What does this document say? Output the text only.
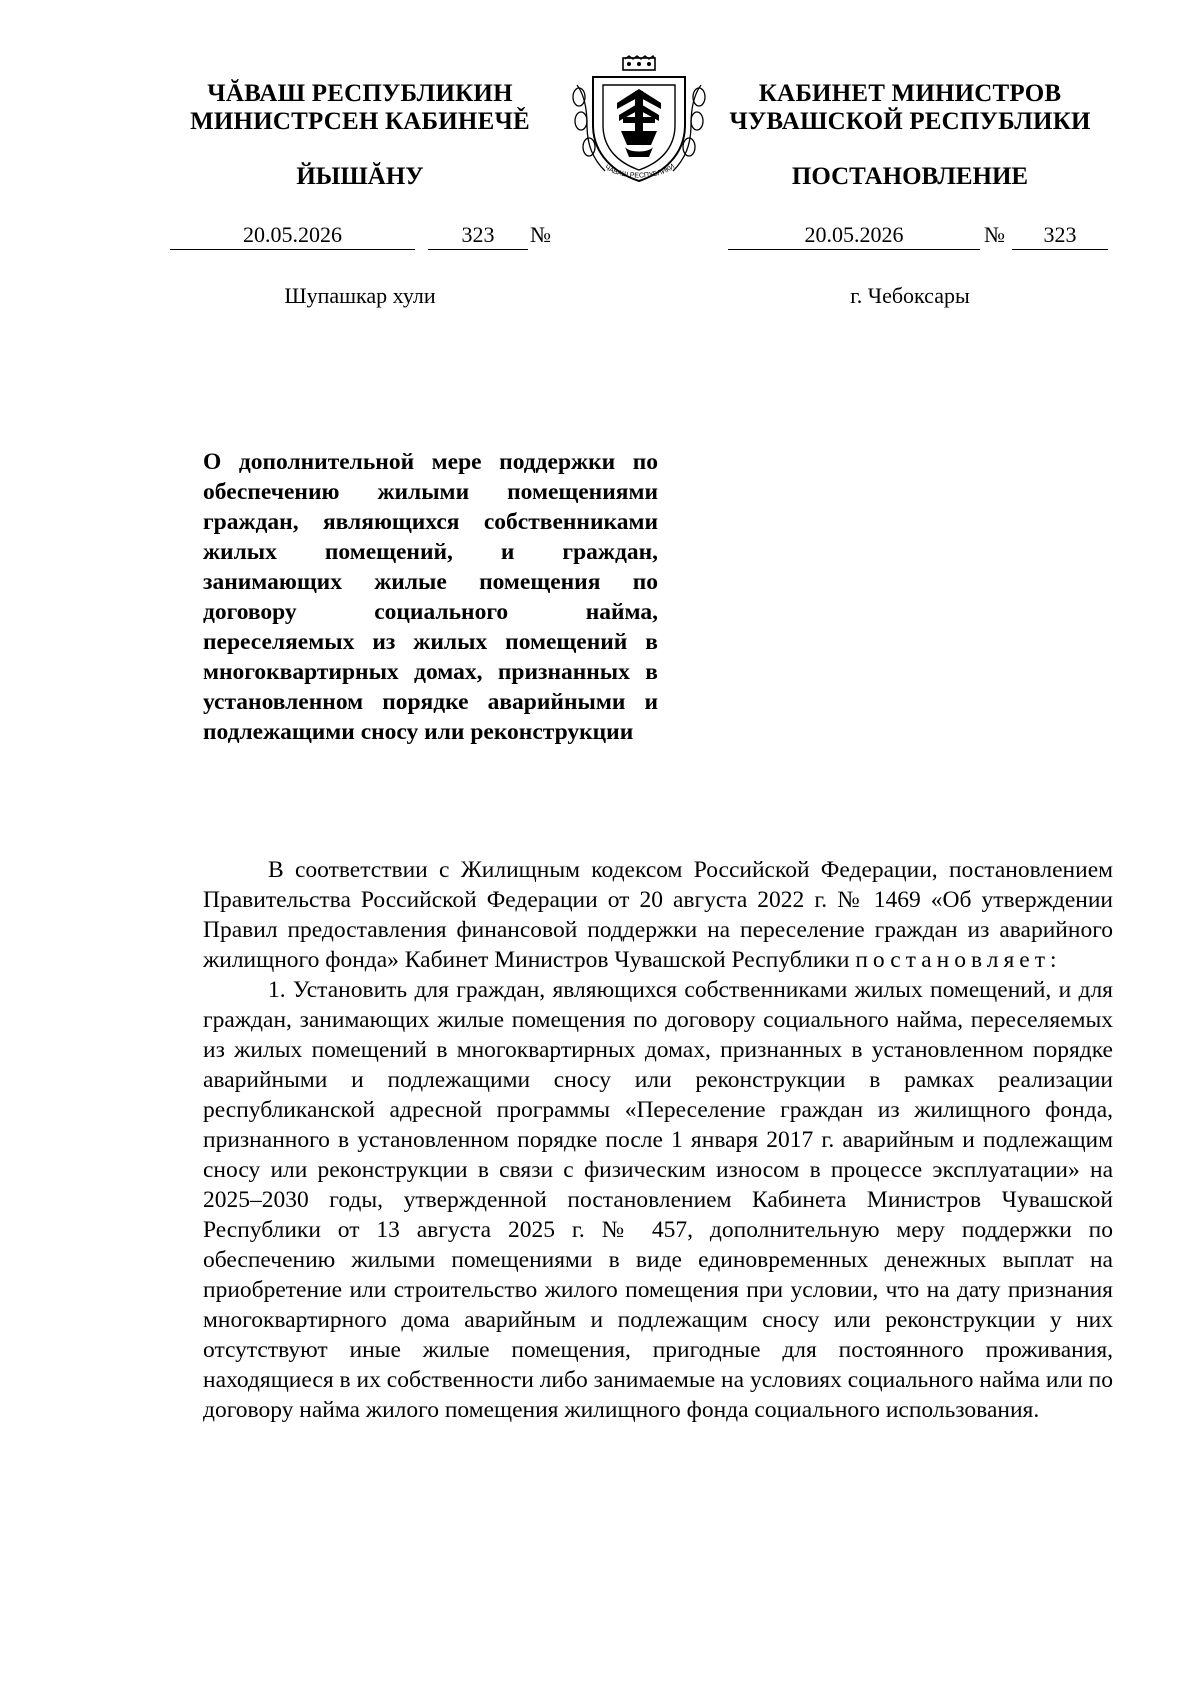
ЧĂВАШ РЕСПУБЛИКИН
МИНИСТРСЕН КАБИНЕЧĚ
ЙЫШĂНУ
20.05.2026	323	№
Шупашкар хули
ЧĂВАШ РЕСПУБЛИКИ
КАБИНЕТ МИНИСТРОВ
ЧУВАШСКОЙ РЕСПУБЛИКИ
ПОСТАНОВЛЕНИЕ
20.05.2026	№	323
г. Чебоксары
О дополнительной мере поддержки по обеспечению жилыми помещениями граждан, являющихся собственниками жилых помещений, и граждан, занимающих жилые помещения по договору социального найма, переселяемых из жилых помещений в многоквартирных домах, признанных в установленном порядке аварийными и подлежащими сносу или реконструкции

В соответствии с Жилищным кодексом Российской Федерации, постановлением Правительства Российской Федерации от 20 августа 2022 г. № 1469 «Об утверждении Правил предоставления финансовой поддержки на переселение граждан из аварийного жилищного фонда» Кабинет Министров Чувашской Республики постановляет:

1. Установить для граждан, являющихся собственниками жилых помещений, и для граждан, занимающих жилые помещения по договору социального найма, переселяемых из жилых помещений в многоквартирных домах, признанных в установленном порядке аварийными и подлежащими сносу или реконструкции в рамках реализации республиканской адресной программы «Переселение граждан из жилищного фонда, признанного в установленном порядке после 1 января 2017 г. аварийным и подлежащим сносу или реконструкции в связи с физическим износом в процессе эксплуатации» на 2025–2030 годы, утвержденной постановлением Кабинета Министров Чувашской Республики от 13 августа 2025 г. № 457, дополнительную меру поддержки по обеспечению жилыми помещениями в виде единовременных денежных выплат на приобретение или строительство жилого помещения при условии, что на дату признания многоквартирного дома аварийным и подлежащим сносу или реконструкции у них отсутствуют иные жилые помещения, пригодные для постоянного проживания, находящиеся в их собственности либо занимаемые на условиях социального найма или по договору найма жилого помещения жилищного фонда социального использования.
